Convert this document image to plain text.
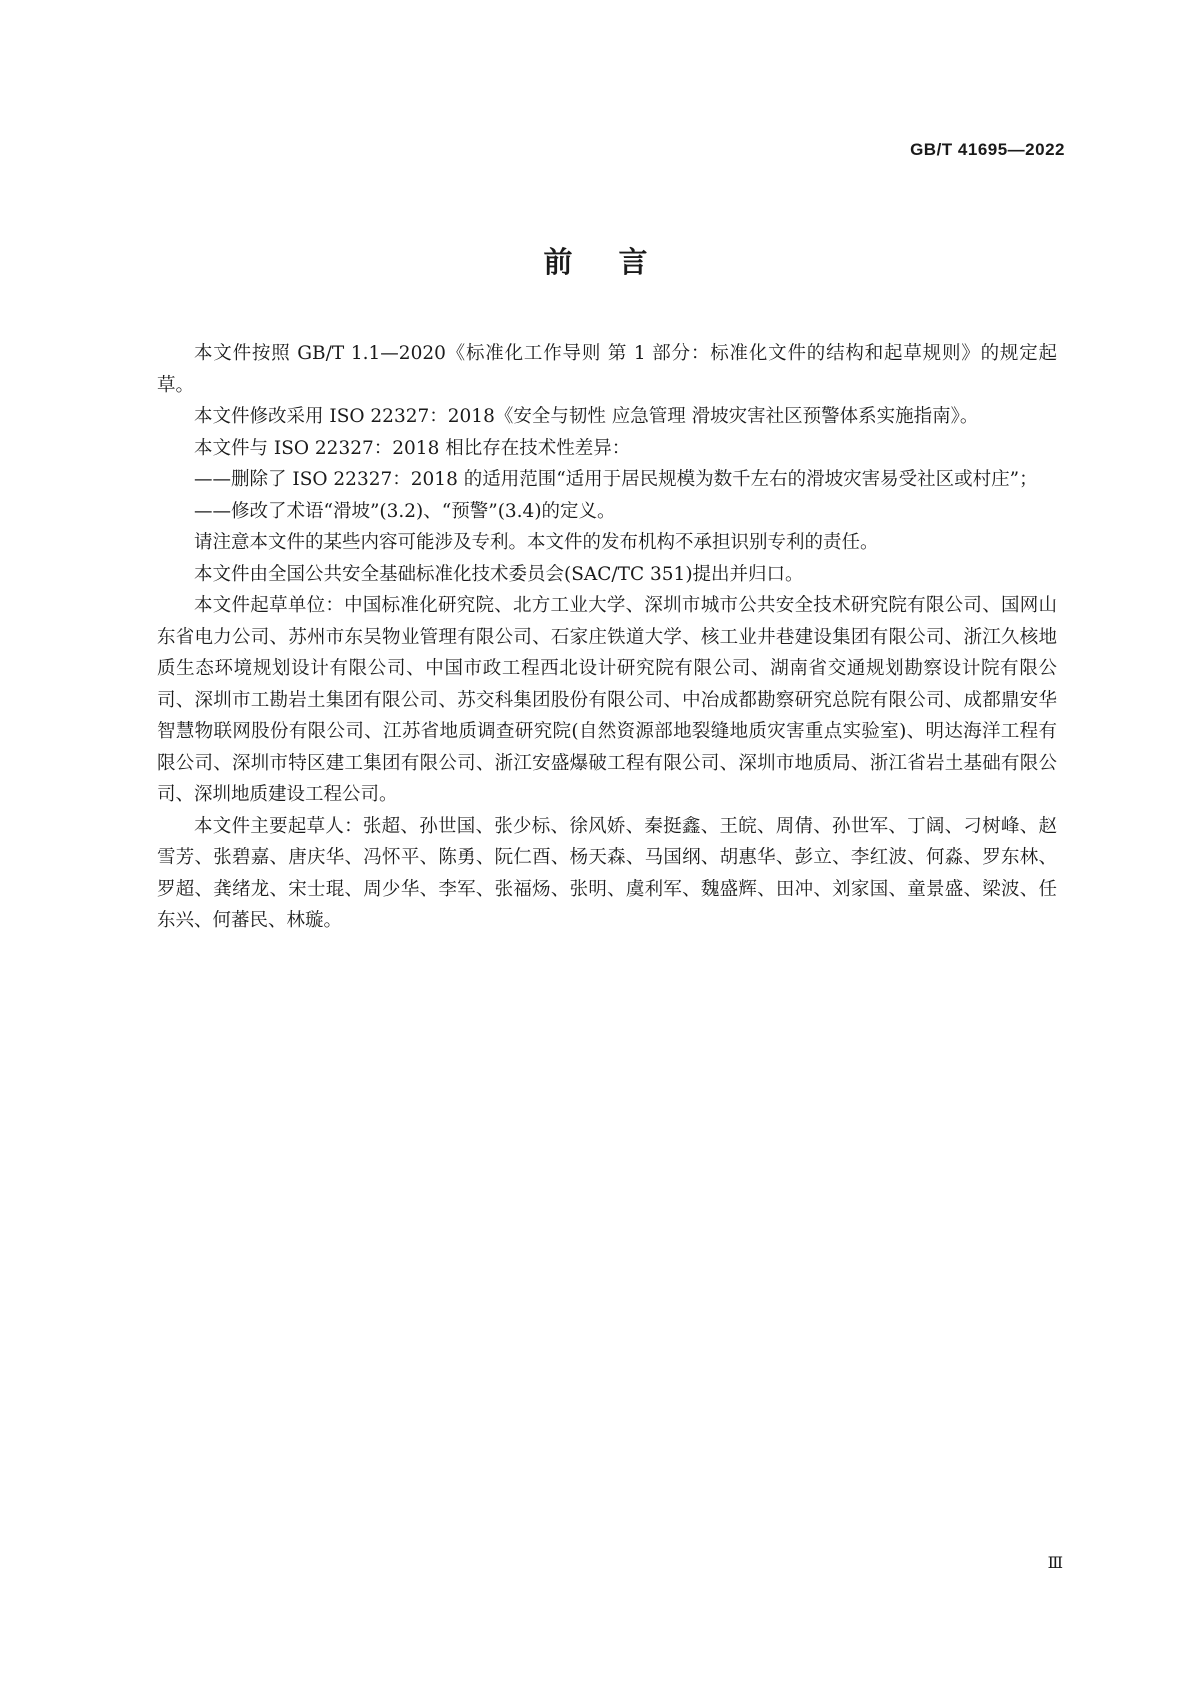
GB/T 41695—2022
前言

本文件按照 GB/T 1.1—2020《标准化工作导则 第 1 部分：标准化文件的结构和起草规则》的规定起草。

本文件修改采用 ISO 22327：2018《安全与韧性 应急管理 滑坡灾害社区预警体系实施指南》。

本文件与 ISO 22327：2018 相比存在技术性差异：

—— 删除了 ISO 22327：2018 的适用范围“适用于居民规模为数千左右的滑坡灾害易受社区或村庄”；

—— 修改了术语“滑坡”(3.2)、“预警”(3.4)的定义。

请注意本文件的某些内容可能涉及专利。本文件的发布机构不承担识别专利的责任。

本文件由全国公共安全基础标准化技术委员会(SAC/TC 351)提出并归口。

本文件起草单位：中国标准化研究院、北方工业大学、深圳市城市公共安全技术研究院有限公司、国网山东省电力公司、苏州市东吴物业管理有限公司、石家庄铁道大学、核工业井巷建设集团有限公司、浙江久核地质生态环境规划设计有限公司、中国市政工程西北设计研究院有限公司、湖南省交通规划勘察设计院有限公司、深圳市工勘岩土集团有限公司、苏交科集团股份有限公司、中冶成都勘察研究总院有限公司、成都鼎安华智慧物联网股份有限公司、江苏省地质调查研究院(自然资源部地裂缝地质灾害重点实验室)、明达海洋工程有限公司、深圳市特区建工集团有限公司、浙江安盛爆破工程有限公司、深圳市地质局、浙江省岩土基础有限公司、深圳地质建设工程公司。

本文件主要起草人：张超、孙世国、张少标、徐风娇、秦挺鑫、王皖、周倩、孙世军、丁阔、刁树峰、赵雪芳、张碧嘉、唐庆华、冯怀平、陈勇、阮仁酉、杨天森、马国纲、胡惠华、彭立、李红波、何淼、罗东林、罗超、龚绪龙、宋士琨、周少华、李军、张福炀、张明、虞利军、魏盛辉、田冲、刘家国、童景盛、梁波、任东兴、何蕃民、林璇。

Ⅲ
